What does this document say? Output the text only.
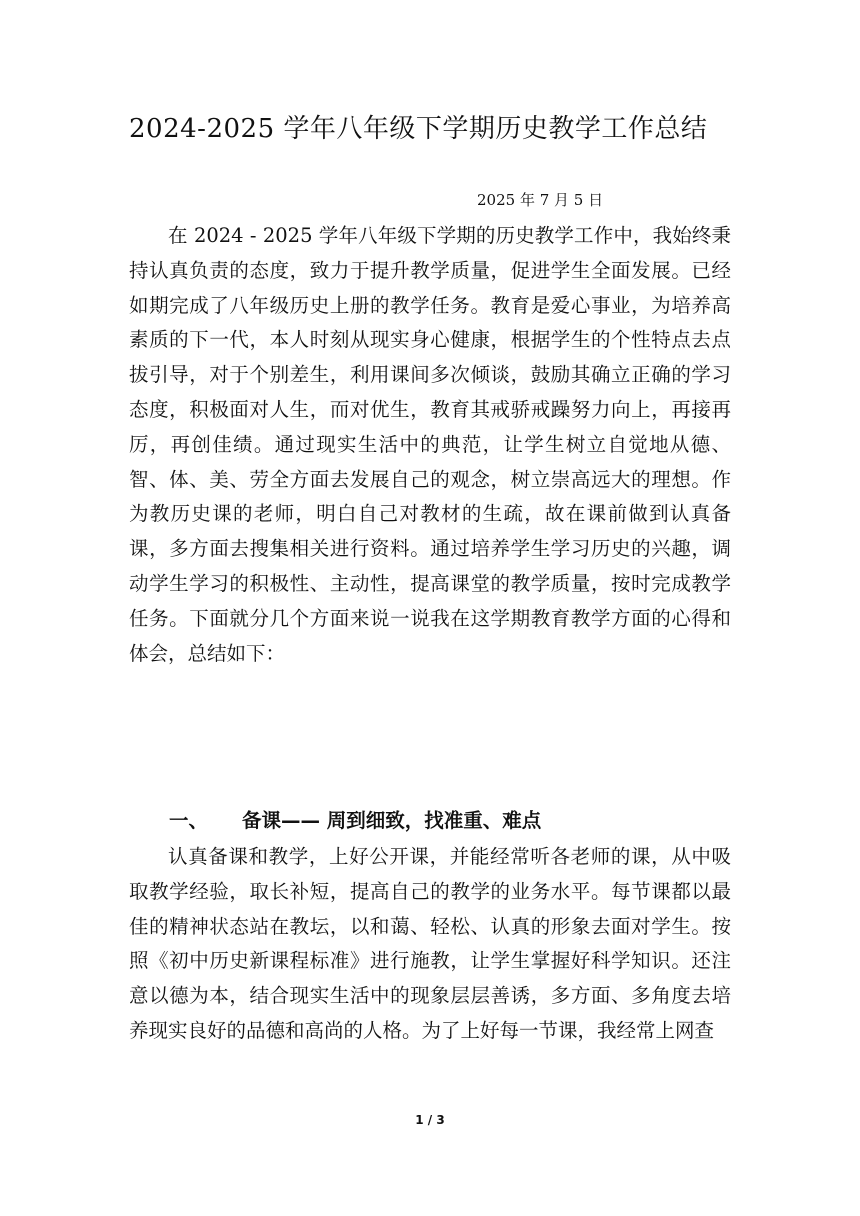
2024-2025 学年八年级下学期历史教学工作总结
2025 年 7 月 5 日

在 2024 - 2025 学年八年级下学期的历史教学工作中，我始终秉持认真负责的态度，致力于提升教学质量，促进学生全面发展。已经如期完成了八年级历史上册的教学任务。教育是爱心事业，为培养高素质的下一代，本人时刻从现实身心健康，根据学生的个性特点去点拔引导，对于个别差生，利用课间多次倾谈，鼓励其确立正确的学习态度，积极面对人生，而对优生，教育其戒骄戒躁努力向上，再接再厉，再创佳绩。通过现实生活中的典范，让学生树立自觉地从德、智、体、美、劳全方面去发展自己的观念，树立崇高远大的理想。作为教历史课的老师，明白自己对教材的生疏，故在课前做到认真备课，多方面去搜集相关进行资料。通过培养学生学习历史的兴趣，调动学生学习的积极性、主动性，提高课堂的教学质量，按时完成教学任务。下面就分几个方面来说一说我在这学期教育教学方面的心得和体会，总结如下：

一、 备课—— 周到细致，找准重、难点

认真备课和教学，上好公开课，并能经常听各老师的课，从中吸取教学经验，取长补短，提高自己的教学的业务水平。每节课都以最佳的精神状态站在教坛，以和蔼、轻松、认真的形象去面对学生。按照《初中历史新课程标准》进行施教，让学生掌握好科学知识。还注意以德为本，结合现实生活中的现象层层善诱，多方面、多角度去培养现实良好的品德和高尚的人格。为了上好每一节课，我经常上网查

1 / 3
